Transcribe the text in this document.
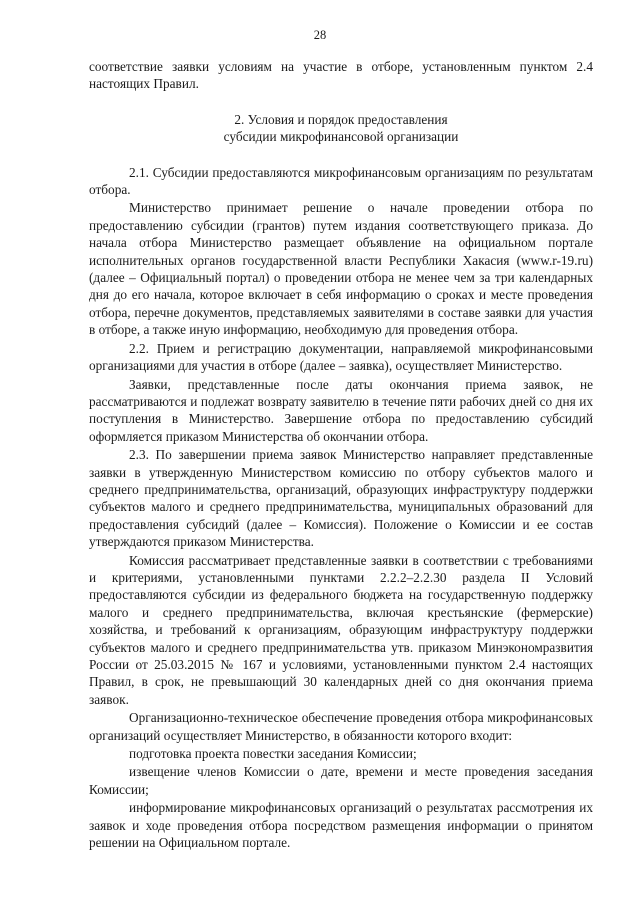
28

соответствие заявки условиям на участие в отборе, установленным пунктом 2.4 настоящих Правил.

2. Условия и порядок предоставления
субсидии микрофинансовой организации

2.1. Субсидии предоставляются микрофинансовым организациям по результатам отбора.

Министерство принимает решение о начале проведении отбора по предоставлению субсидии (грантов) путем издания соответствующего приказа. До начала отбора Министерство размещает объявление на официальном портале исполнительных органов государственной власти Республики Хакасия (www.r-19.ru) (далее – Официальный портал) о проведении отбора не менее чем за три календарных дня до его начала, которое включает в себя информацию о сроках и месте проведения отбора, перечне документов, представляемых заявителями в составе заявки для участия в отборе, а также иную информацию, необходимую для проведения отбора.

2.2. Прием и регистрацию документации, направляемой микрофинансовыми организациями для участия в отборе (далее – заявка), осуществляет Министерство.

Заявки, представленные после даты окончания приема заявок, не рассматриваются и подлежат возврату заявителю в течение пяти рабочих дней со дня их поступления в Министерство. Завершение отбора по предоставлению субсидий оформляется приказом Министерства об окончании отбора.

2.3. По завершении приема заявок Министерство направляет представленные заявки в утвержденную Министерством комиссию по отбору субъектов малого и среднего предпринимательства, организаций, образующих инфраструктуру поддержки субъектов малого и среднего предпринимательства, муниципальных образований для предоставления субсидий (далее – Комиссия). Положение о Комиссии и ее состав утверждаются приказом Министерства.

Комиссия рассматривает представленные заявки в соответствии с требованиями и критериями, установленными пунктами 2.2.2–2.2.30 раздела II Условий предоставляются субсидии из федерального бюджета на государственную поддержку малого и среднего предпринимательства, включая крестьянские (фермерские) хозяйства, и требований к организациям, образующим инфраструктуру поддержки субъектов малого и среднего предпринимательства утв. приказом Минэкономразвития России от 25.03.2015 № 167 и условиями, установленными пунктом 2.4 настоящих Правил, в срок, не превышающий 30 календарных дней со дня окончания приема заявок.

Организационно-техническое обеспечение проведения отбора микрофинансовых организаций осуществляет Министерство, в обязанности которого входит:

подготовка проекта повестки заседания Комиссии;

извещение членов Комиссии о дате, времени и месте проведения заседания Комиссии;

информирование микрофинансовых организаций о результатах рассмотрения их заявок и ходе проведения отбора посредством размещения информации о принятом решении на Официальном портале.
